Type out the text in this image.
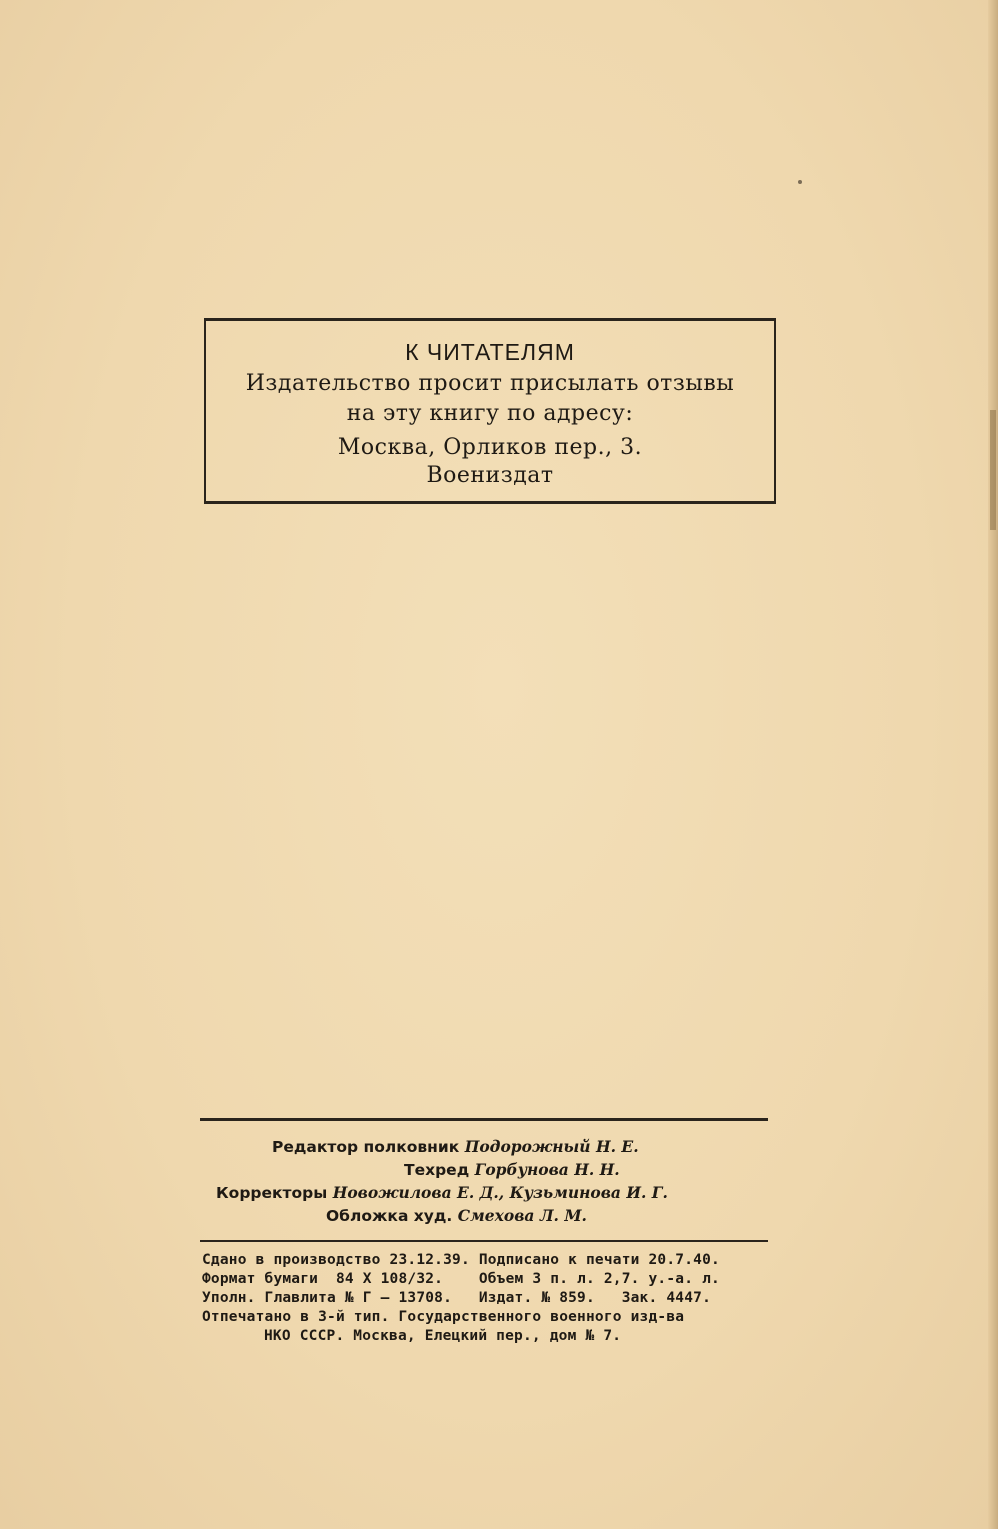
К ЧИТАТЕЛЯМ
Издательство просит присылать отзывы
на эту книгу по адресу:
Москва, Орликов пер., 3.
Воениздат
Редактор полковник Подорожный Н. Е.
Техред Горбунова Н. Н.
Корректоры Новожилова Е. Д., Кузьминова И. Г.
Обложка худ. Смехова Л. М.
Сдано в производство 23.12.39. Подписано к печати 20.7.40.
Формат бумаги  84 X 108/32.    Объем 3 п. л. 2,7. у.-а. л.
Уполн. Главлита № Г — 13708.   Издат. № 859.   Зак. 4447.
Отпечатано в 3-й тип. Государственного военного изд-ва
НКО СССР. Москва, Елецкий пер., дом № 7.
